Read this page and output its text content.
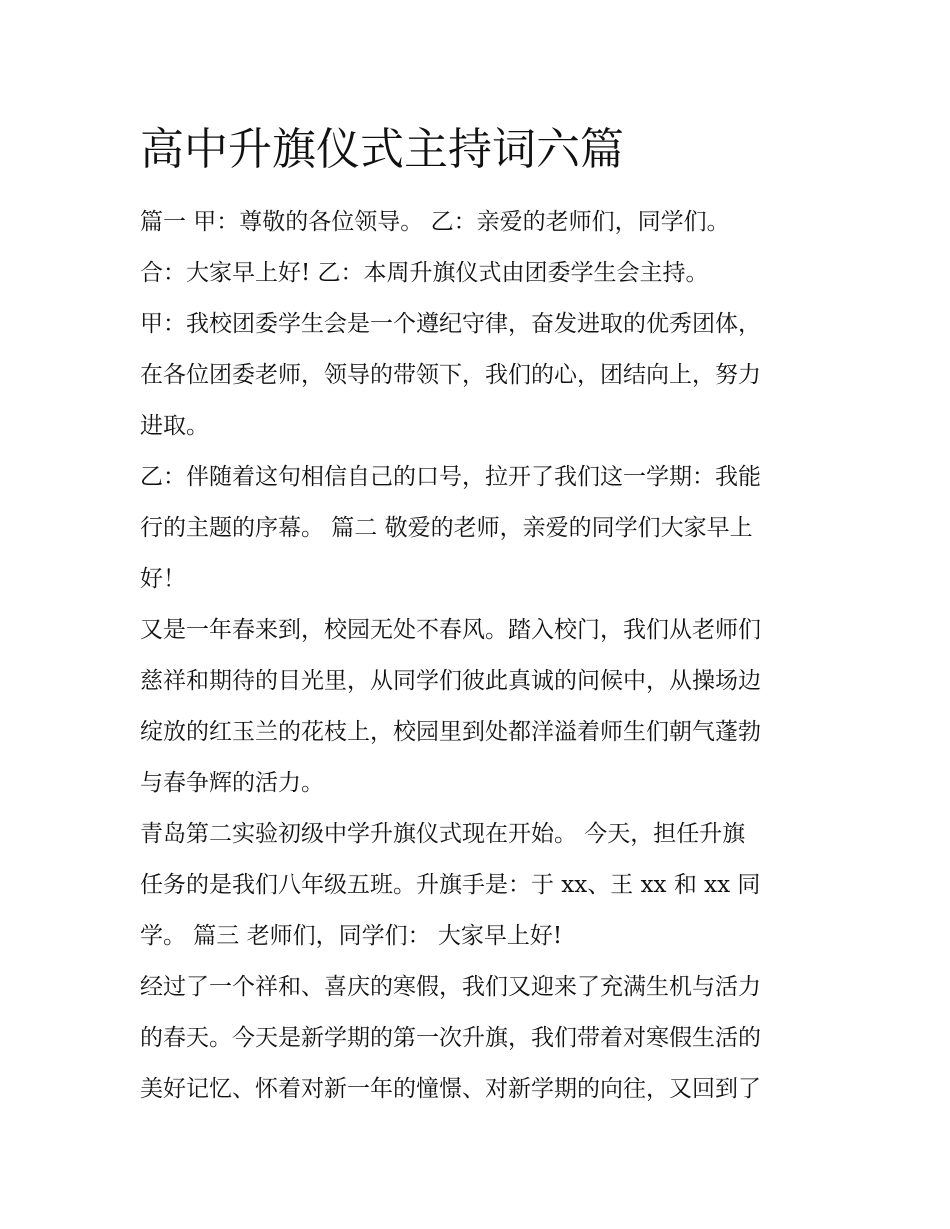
高中升旗仪式主持词六篇

篇一 甲：尊敬的各位领导。 乙：亲爱的老师们，同学们。

合：大家早上好! 乙：本周升旗仪式由团委学生会主持。

甲：我校团委学生会是一个遵纪守律，奋发进取的优秀团体，

在各位团委老师，领导的带领下，我们的心，团结向上，努力

进取。

乙：伴随着这句相信自己的口号，拉开了我们这一学期：我能

行的主题的序幕。 篇二 敬爱的老师，亲爱的同学们大家早上

好！

又是一年春来到，校园无处不春风。踏入校门，我们从老师们

慈祥和期待的目光里，从同学们彼此真诚的问候中，从操场边

绽放的红玉兰的花枝上，校园里到处都洋溢着师生们朝气蓬勃

与春争辉的活力。

青岛第二实验初级中学升旗仪式现在开始。 今天，担任升旗

任务的是我们八年级五班。升旗手是：于 xx、王 xx 和 xx 同

学。 篇三 老师们，同学们： 大家早上好!

经过了一个祥和、喜庆的寒假，我们又迎来了充满生机与活力

的春天。今天是新学期的第一次升旗，我们带着对寒假生活的

美好记忆、怀着对新一年的憧憬、对新学期的向往，又回到了
